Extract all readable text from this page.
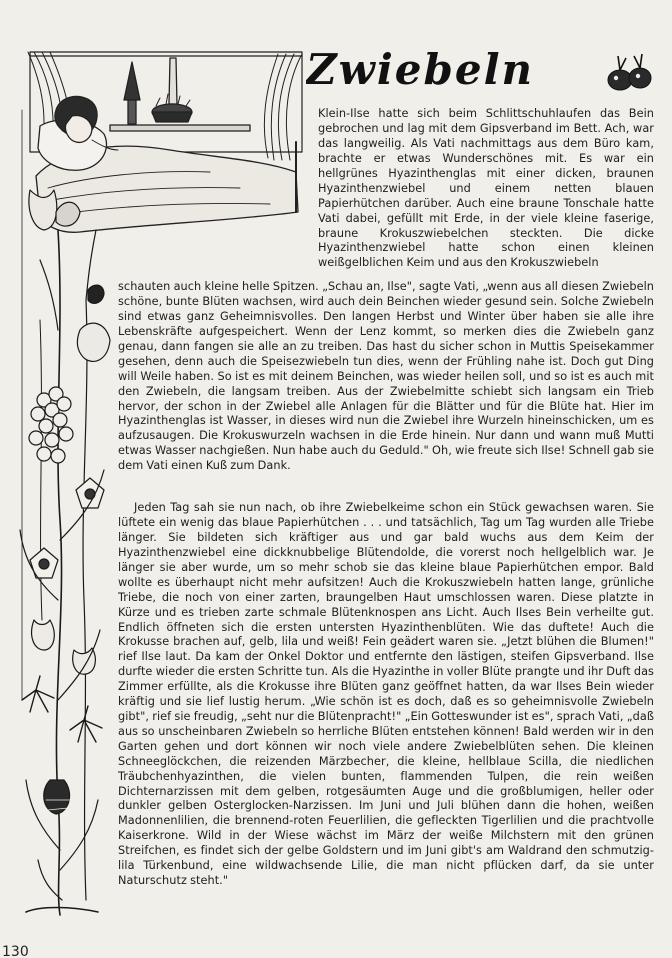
Zwiebeln

Klein-Ilse hatte sich beim Schlittschuhlaufen das Bein gebrochen und lag mit dem Gipsverband im Bett. Ach, war das langweilig. Als Vati nachmittags aus dem Büro kam, brachte er etwas Wunderschönes mit. Es war ein hellgrünes Hyazinthenglas mit einer dicken, braunen Hyazinthenzwiebel und einem netten blauen Papierhütchen darüber. Auch eine braune Tonschale hatte Vati dabei, gefüllt mit Erde, in der viele kleine faserige, braune Krokuszwiebelchen steckten. Die dicke Hyazinthenzwiebel hatte schon einen kleinen weißgelblichen Keim und aus den Krokuszwiebeln

schauten auch kleine helle Spitzen. „Schau an, Ilse", sagte Vati, „wenn aus all diesen Zwiebeln schöne, bunte Blüten wachsen, wird auch dein Beinchen wieder gesund sein. Solche Zwiebeln sind etwas ganz Geheimnisvolles. Den langen Herbst und Winter über haben sie alle ihre Lebenskräfte aufgespeichert. Wenn der Lenz kommt, so merken dies die Zwiebeln ganz genau, dann fangen sie alle an zu treiben. Das hast du sicher schon in Muttis Speisekammer gesehen, denn auch die Speisezwiebeln tun dies, wenn der Frühling nahe ist. Doch gut Ding will Weile haben. So ist es mit deinem Beinchen, was wieder heilen soll, und so ist es auch mit den Zwiebeln, die langsam treiben. Aus der Zwiebelmitte schiebt sich langsam ein Trieb hervor, der schon in der Zwiebel alle Anlagen für die Blätter und für die Blüte hat. Hier im Hyazinthenglas ist Wasser, in dieses wird nun die Zwiebel ihre Wurzeln hineinschicken, um es aufzusaugen. Die Krokuswurzeln wachsen in die Erde hinein. Nur dann und wann muß Mutti etwas Wasser nachgießen. Nun habe auch du Geduld." Oh, wie freute sich Ilse! Schnell gab sie dem Vati einen Kuß zum Dank.

Jeden Tag sah sie nun nach, ob ihre Zwiebelkeime schon ein Stück gewachsen waren. Sie lüftete ein wenig das blaue Papierhütchen . . . und tatsächlich, Tag um Tag wurden alle Triebe länger. Sie bildeten sich kräftiger aus und gar bald wuchs aus dem Keim der Hyazinthenzwiebel eine dickknubbelige Blütendolde, die vorerst noch hellgelblich war. Je länger sie aber wurde, um so mehr schob sie das kleine blaue Papierhütchen empor. Bald wollte es überhaupt nicht mehr aufsitzen! Auch die Krokuszwiebeln hatten lange, grünliche Triebe, die noch von einer zarten, braungelben Haut umschlossen waren. Diese platzte in Kürze und es trieben zarte schmale Blütenknospen ans Licht. Auch Ilses Bein verheilte gut. Endlich öffneten sich die ersten untersten Hyazinthenblüten. Wie das duftete! Auch die Krokusse brachen auf, gelb, lila und weiß! Fein geädert waren sie. „Jetzt blühen die Blumen!" rief Ilse laut. Da kam der Onkel Doktor und entfernte den lästigen, steifen Gipsverband. Ilse durfte wieder die ersten Schritte tun. Als die Hyazinthe in voller Blüte prangte und ihr Duft das Zimmer erfüllte, als die Krokusse ihre Blüten ganz geöffnet hatten, da war Ilses Bein wieder kräftig und sie lief lustig herum. „Wie schön ist es doch, daß es so geheimnisvolle Zwiebeln gibt", rief sie freudig, „seht nur die Blütenpracht!" „Ein Gotteswunder ist es", sprach Vati, „daß aus so unscheinbaren Zwiebeln so herrliche Blüten entstehen können! Bald werden wir in den Garten gehen und dort können wir noch viele andere Zwiebelblüten sehen. Die kleinen Schneeglöckchen, die reizenden Märzbecher, die kleine, hellblaue Scilla, die niedlichen Träubchenhyazinthen, die vielen bunten, flammenden Tulpen, die rein weißen Dichternarzissen mit dem gelben, rotgesäumten Auge und die großblumigen, heller oder dunkler gelben Osterglocken-Narzissen. Im Juni und Juli blühen dann die hohen, weißen Madonnenlilien, die brennend-roten Feuerlilien, die gefleckten Tigerlilien und die prachtvolle Kaiserkrone. Wild in der Wiese wächst im März der weiße Milchstern mit den grünen Streifchen, es findet sich der gelbe Goldstern und im Juni gibt's am Waldrand den schmutzig-lila Türkenbund, eine wildwachsende Lilie, die man nicht pflücken darf, da sie unter Naturschutz steht."

130
